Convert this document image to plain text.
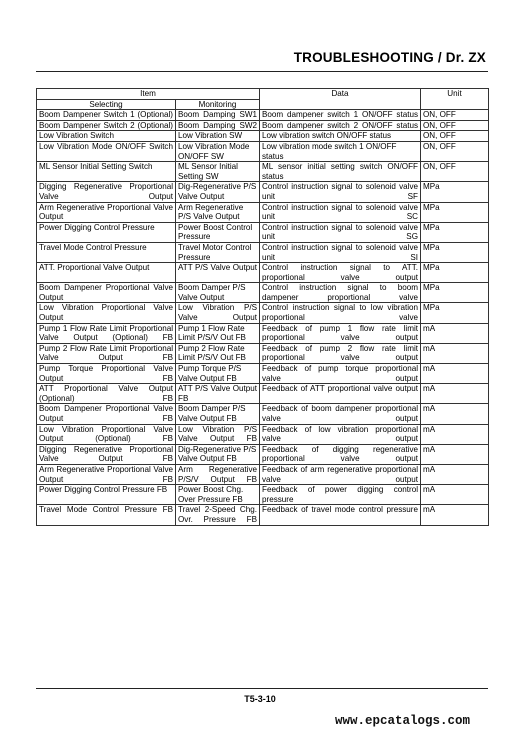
TROUBLESHOOTING / Dr. ZX
Item		Data	Unit
Selecting	Monitoring		
Boom Dampener Switch 1 (Optional)	Boom Damping SW1	Boom dampener switch 1 ON/OFF status	ON, OFF
Boom Dampener Switch 2 (Optional)	Boom Damping SW2	Boom dampener switch 2 ON/OFF status	ON, OFF
Low Vibration Switch	Low Vibration SW	Low vibration switch ON/OFF status	ON, OFF
Low Vibration Mode ON/OFF Switch	Low Vibration Mode ON/OFF SW	Low vibration mode switch 1 ON/OFF status	ON, OFF
ML Sensor Initial Setting Switch	ML Sensor Initial Setting SW	ML sensor initial setting switch ON/OFF status	ON, OFF
Digging Regenerative Proportional Valve Output	Dig-Regenerative P/S Valve Output	Control instruction signal to solenoid valve unit SF	MPa
Arm Regenerative Proportional Valve Output	Arm Regenerative P/S Valve Output	Control instruction signal to solenoid valve unit SC	MPa
Power Digging Control Pressure	Power Boost Control Pressure	Control instruction signal to solenoid valve unit SG	MPa
Travel Mode Control Pressure	Travel Motor Control Pressure	Control instruction signal to solenoid valve unit SI	MPa
ATT. Proportional Valve Output	ATT P/S Valve Output	Control instruction signal to ATT. proportional valve output	MPa
Boom Dampener Proportional Valve Output	Boom Damper P/S Valve Output	Control instruction signal to boom dampener proportional valve	MPa
Low Vibration Proportional Valve Output	Low Vibration P/S Valve Output	Control instruction signal to low vibration proportional valve	MPa
Pump 1 Flow Rate Limit Proportional Valve Output (Optional) FB	Pump 1 Flow Rate Limit P/S/V Out FB	Feedback of pump 1 flow rate limit proportional valve output	mA
Pump 2 Flow Rate Limit Proportional Valve Output FB	Pump 2 Flow Rate Limit P/S/V Out FB	Feedback of pump 2 flow rate limit proportional valve output	mA
Pump Torque Proportional Valve Output FB	Pump Torque P/S Valve Output FB	Feedback of pump torque proportional valve output	mA
ATT Proportional Valve Output (Optional) FB	ATT P/S Valve Output FB	Feedback of ATT proportional valve output	mA
Boom Dampener Proportional Valve Output FB	Boom Damper P/S Valve Output FB	Feedback of boom dampener proportional valve output	mA
Low Vibration Proportional Valve Output (Optional) FB	Low Vibration P/S Valve Output FB	Feedback of low vibration proportional valve output	mA
Digging Regenerative Proportional Valve Output FB	Dig-Regenerative P/S Valve Output FB	Feedback of digging regenerative proportional valve output	mA
Arm Regenerative Proportional Valve Output FB	Arm Regenerative P/S/V Output FB	Feedback of arm regenerative proportional valve output	mA
Power Digging Control Pressure FB	Power Boost Chg. Over Pressure FB	Feedback of power digging control pressure	mA
Travel Mode Control Pressure FB	Travel 2-Speed Chg. Ovr. Pressure FB	Feedback of travel mode control pressure	mA
T5-3-10
www.epcatalogs.com
